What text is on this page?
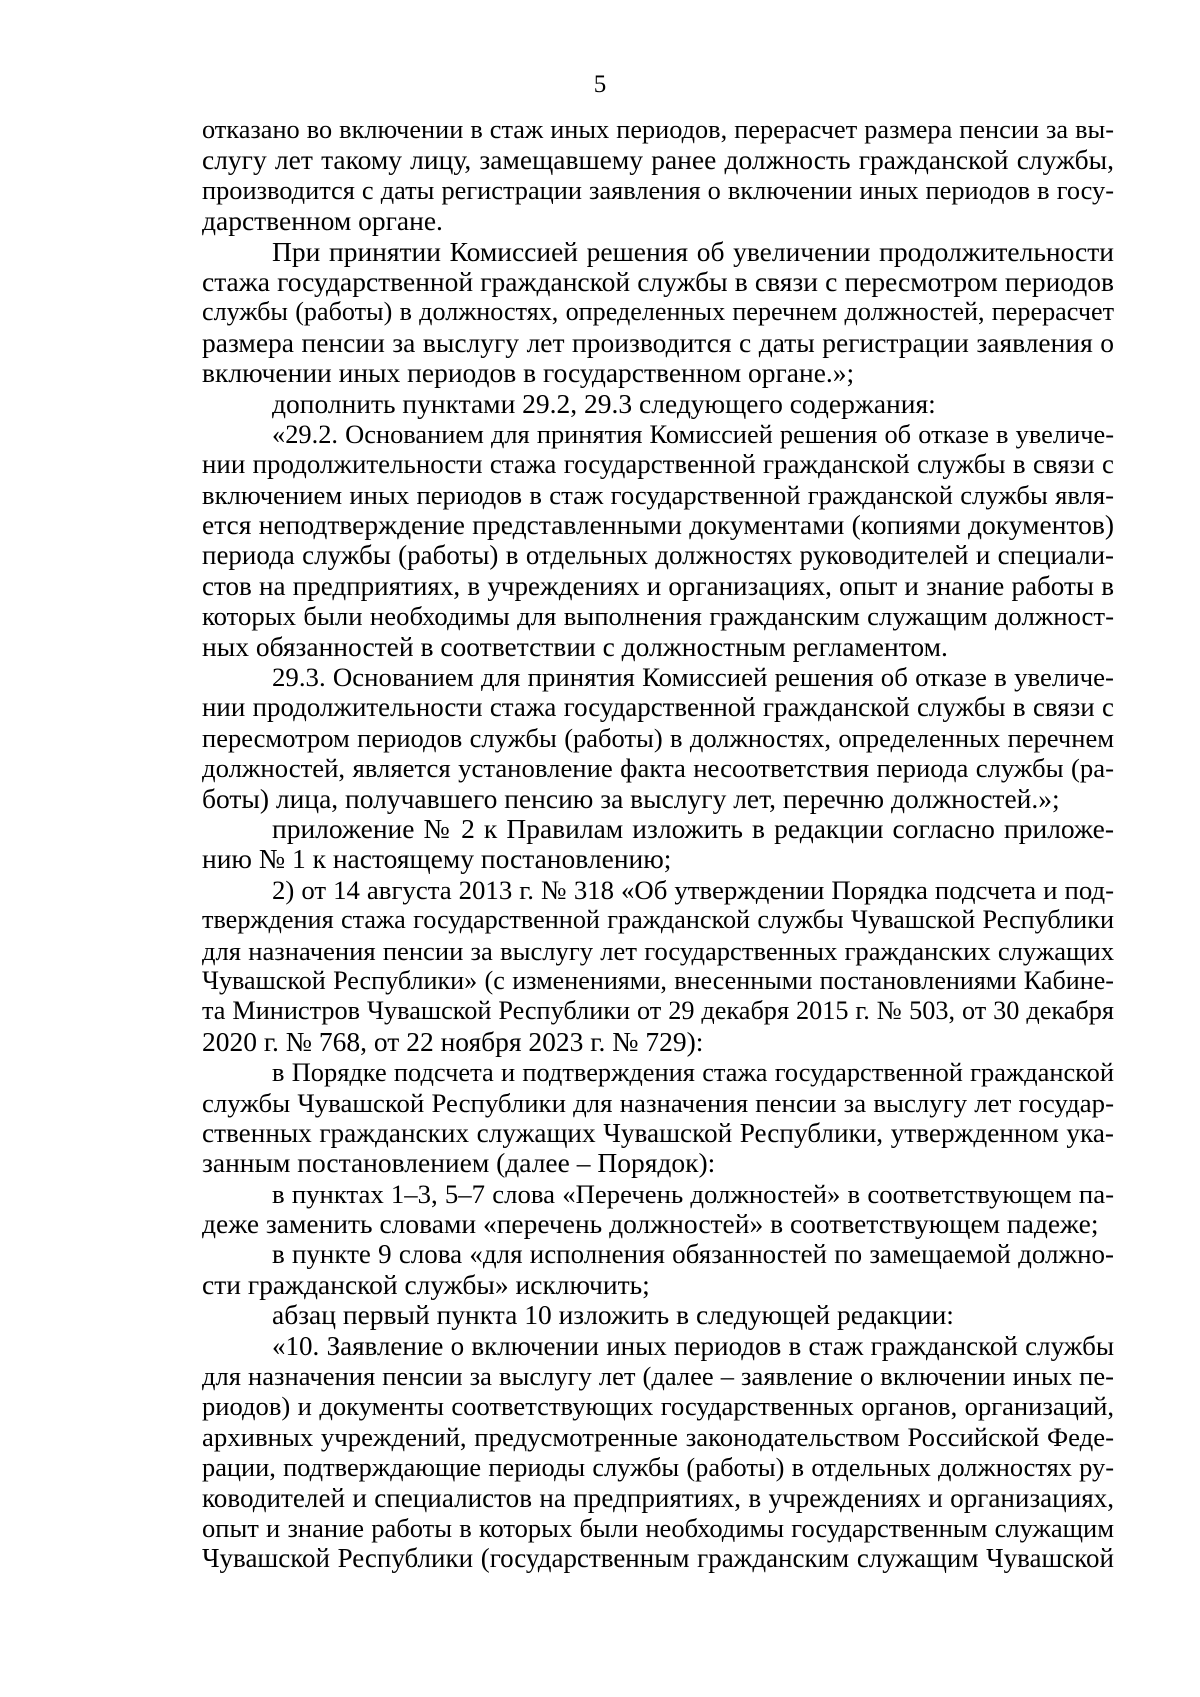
5
отказано во включении в стаж иных периодов, перерасчет размера пенсии за вы-
слугу лет такому лицу, замещавшему ранее должность гражданской службы,
производится с даты регистрации заявления о включении иных периодов в госу-
дарственном органе.
При принятии Комиссией решения об увеличении продолжительности
стажа государственной гражданской службы в связи с пересмотром периодов
службы (работы) в должностях, определенных перечнем должностей, перерасчет
размера пенсии за выслугу лет производится с даты регистрации заявления о
включении иных периодов в государственном органе.»;
дополнить пунктами 29.2, 29.3 следующего содержания:
«29.2. Основанием для принятия Комиссией решения об отказе в увеличе-
нии продолжительности стажа государственной гражданской службы в связи с
включением иных периодов в стаж государственной гражданской службы явля-
ется неподтверждение представленными документами (копиями документов)
периода службы (работы) в отдельных должностях руководителей и специали-
стов на предприятиях, в учреждениях и организациях, опыт и знание работы в
которых были необходимы для выполнения гражданским служащим должност-
ных обязанностей в соответствии с должностным регламентом.
29.3. Основанием для принятия Комиссией решения об отказе в увеличе-
нии продолжительности стажа государственной гражданской службы в связи с
пересмотром периодов службы (работы) в должностях, определенных перечнем
должностей, является установление факта несоответствия периода службы (ра-
боты) лица, получавшего пенсию за выслугу лет, перечню должностей.»;
приложение № 2 к Правилам изложить в редакции согласно приложе-
нию № 1 к настоящему постановлению;
2) от 14 августа 2013 г. № 318 «Об утверждении Порядка подсчета и под-
тверждения стажа государственной гражданской службы Чувашской Республики
для назначения пенсии за выслугу лет государственных гражданских служащих
Чувашской Республики» (с изменениями, внесенными постановлениями Кабине-
та Министров Чувашской Республики от 29 декабря 2015 г. № 503, от 30 декабря
2020 г. № 768, от 22 ноября 2023 г. № 729):
в Порядке подсчета и подтверждения стажа государственной гражданской
службы Чувашской Республики для назначения пенсии за выслугу лет государ-
ственных гражданских служащих Чувашской Республики, утвержденном ука-
занным постановлением (далее – Порядок):
в пунктах 1–3, 5–7 слова «Перечень должностей» в соответствующем па-
деже заменить словами «перечень должностей» в соответствующем падеже;
в пункте 9 слова «для исполнения обязанностей по замещаемой должно-
сти гражданской службы» исключить;
абзац первый пункта 10 изложить в следующей редакции:
«10. Заявление о включении иных периодов в стаж гражданской службы
для назначения пенсии за выслугу лет (далее – заявление о включении иных пе-
риодов) и документы соответствующих государственных органов, организаций,
архивных учреждений, предусмотренные законодательством Российской Феде-
рации, подтверждающие периоды службы (работы) в отдельных должностях ру-
ководителей и специалистов на предприятиях, в учреждениях и организациях,
опыт и знание работы в которых были необходимы государственным служащим
Чувашской Республики (государственным гражданским служащим Чувашской
